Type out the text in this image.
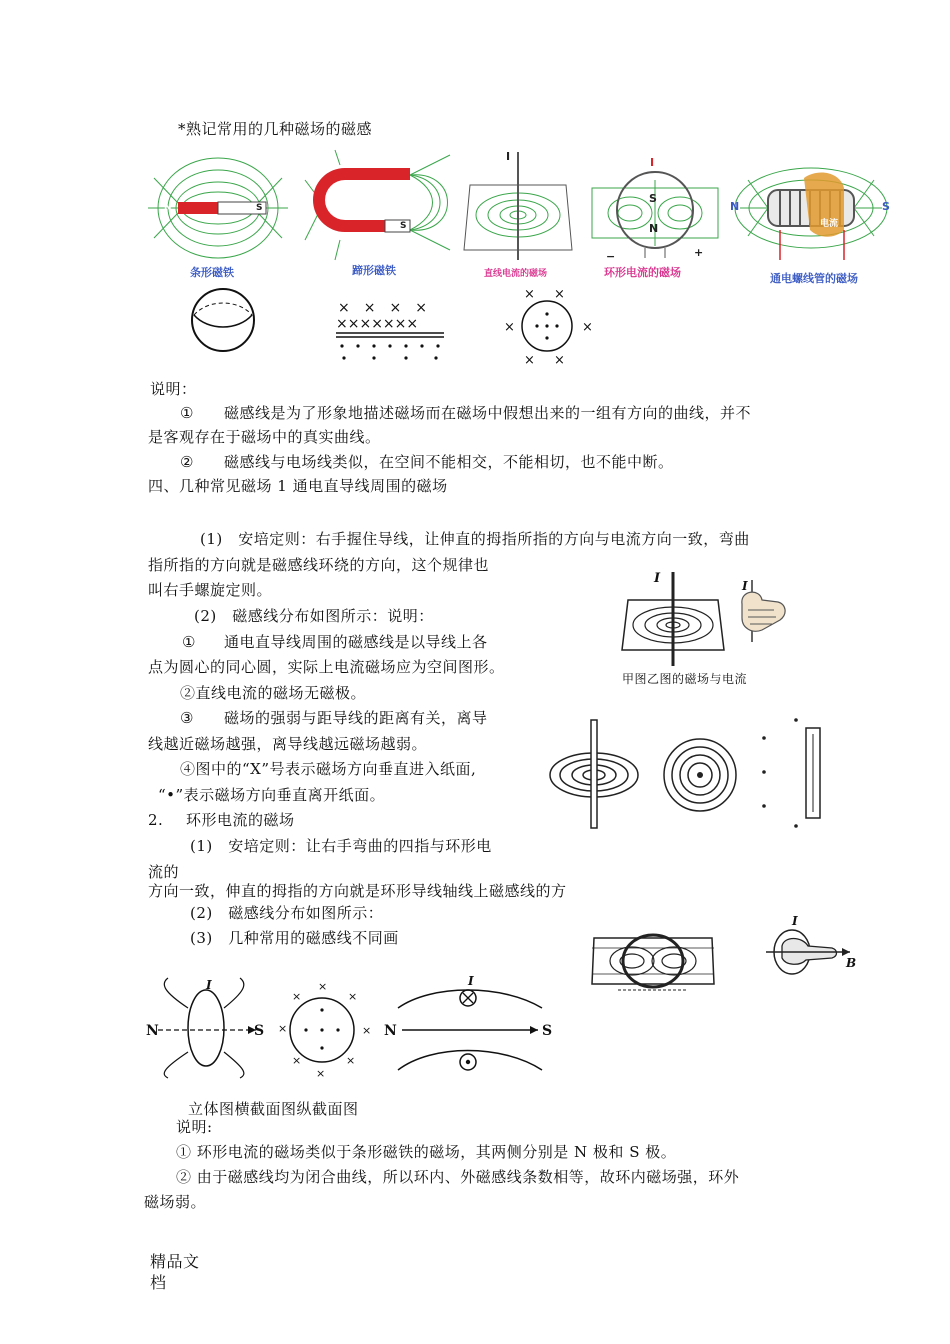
*熟记常用的几种磁场的磁感
N	S
条形磁铁
S
蹄形磁铁
I
直线电流的磁场
I
S
N
−	+
环形电流的磁场
N	S
电流
通电螺线管的磁场
×　×　×　×
×××××××
× ×
×	×
× ×
说明：
① 磁感线是为了形象地描述磁场而在磁场中假想出来的一组有方向的曲线，并不
是客观存在于磁场中的真实曲线。
② 磁感线与电场线类似，在空间不能相交，不能相切，也不能中断。
四、几种常见磁场 1 通电直导线周围的磁场
(1)　安培定则：右手握住导线，让伸直的拇指所指的方向与电流方向一致，弯曲
指所指的方向就是磁感线环绕的方向，这个规律也
叫右手螺旋定则。
(2)　磁感线分布如图所示：说明：
① 通电直导线周围的磁感线是以导线上各
点为圆心的同心圆，实际上电流磁场应为空间图形。
②直线电流的磁场无磁极。
③ 磁场的强弱与距导线的距离有关，离导
线越近磁场越强，离导线越远磁场越弱。
④图中的“X”号表示磁场方向垂直进入纸面,
“•”表示磁场方向垂直离开纸面。
I	I
甲图乙图的磁场与电流
2. 环形电流的磁场
(1)　安培定则：让右手弯曲的四指与环形电
流的
方向一致，伸直的拇指的方向就是环形导线轴线上磁感线的方
(2)　磁感线分布如图所示：
(3)　几种常用的磁感线不同画
I
B
N	S
I	×
×	×
×	×
×	×
×
I
N	S
立体图横截面图纵截面图
说明:
① 环形电流的磁场类似于条形磁铁的磁场，其两侧分别是 N 极和 S 极。
② 由于磁感线均为闭合曲线，所以环内、外磁感线条数相等，故环内磁场强，环外
磁场弱。
精品文
档
